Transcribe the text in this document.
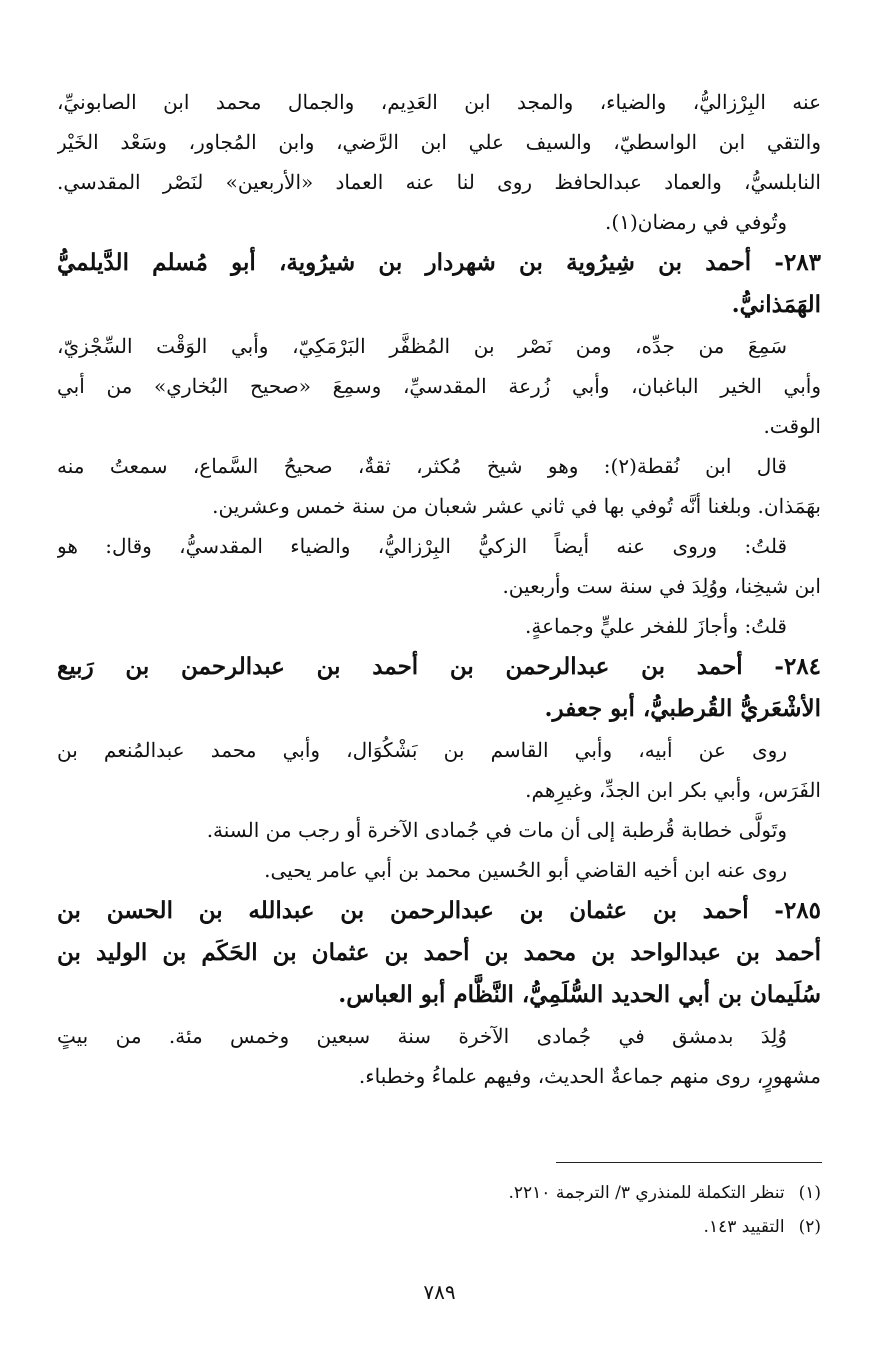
عنه البِرْزاليُّ، والضياء، والمجد ابن العَدِيم، والجمال محمد ابن الصابونيِّ،
والتقي ابن الواسطيّ، والسيف علي ابن الرَّضي، وابن المُجاور، وسَعْد الخَيْر
النابلسيُّ، والعماد عبدالحافظ روى لنا عنه العماد «الأربعين» لنَصْر المقدسي.
وتُوفي في رمضان(١).
٢٨٣- أحمد بن شِيرُوية بن شهردار بن شيرُوية، أبو مُسلم الدَّيلميُّ
الهَمَذانيُّ.
سَمِعَ من جدِّه، ومن نَصْر بن المُظفَّر البَرْمَكِيّ، وأبي الوَقْت السِّجْزيّ،
وأبي الخير الباغبان، وأبي زُرعة المقدسيِّ، وسمِعَ «صحيح البُخاري» من أبي
الوقت.
قال ابن نُقطة(٢): وهو شيخ مُكثر، ثقةٌ، صحيحُ السَّماع، سمعتُ منه
بهَمَذان. وبلغنا أنَّه تُوفي بها في ثاني عشر شعبان من سنة خمس وعشرين.
قلتُ: وروى عنه أيضاً الزكيُّ البِرْزاليُّ، والضياء المقدسيُّ، وقال: هو
ابن شيخِنا، ووُلِدَ في سنة ست وأربعين.
قلتُ: وأجازَ للفخر عليٍّ وجماعةٍ.
٢٨٤- أحمد بن عبدالرحمن بن أحمد بن عبدالرحمن بن رَبيع
الأشْعَريُّ القُرطبيُّ، أبو جعفر.
روى عن أبيه، وأبي القاسم بن بَشْكُوَال، وأبي محمد عبدالمُنعم بن
الفَرَس، وأبي بكر ابن الجدِّ، وغيرِهم.
وتَولَّى خطابة قُرطبة إلى أن مات في جُمادى الآخرة أو رجب من السنة.
روى عنه ابن أخيه القاضي أبو الحُسين محمد بن أبي عامر يحيى.
٢٨٥- أحمد بن عثمان بن عبدالرحمن بن عبدالله بن الحسن بن
أحمد بن عبدالواحد بن محمد بن أحمد بن عثمان بن الحَكَم بن الوليد بن
سُلَيمان بن أبي الحديد السُّلَمِيُّ، النَّظَّام أبو العباس.
وُلِدَ بدمشق في جُمادى الآخرة سنة سبعين وخمس مئة. من بيتٍ
مشهورٍ، روى منهم جماعةٌ الحديث، وفيهم علماءُ وخطباء.
(١)تنظر التكملة للمنذري ٣/ الترجمة ٢٢١٠.
(٢)التقييد ١٤٣.
٧٨٩
